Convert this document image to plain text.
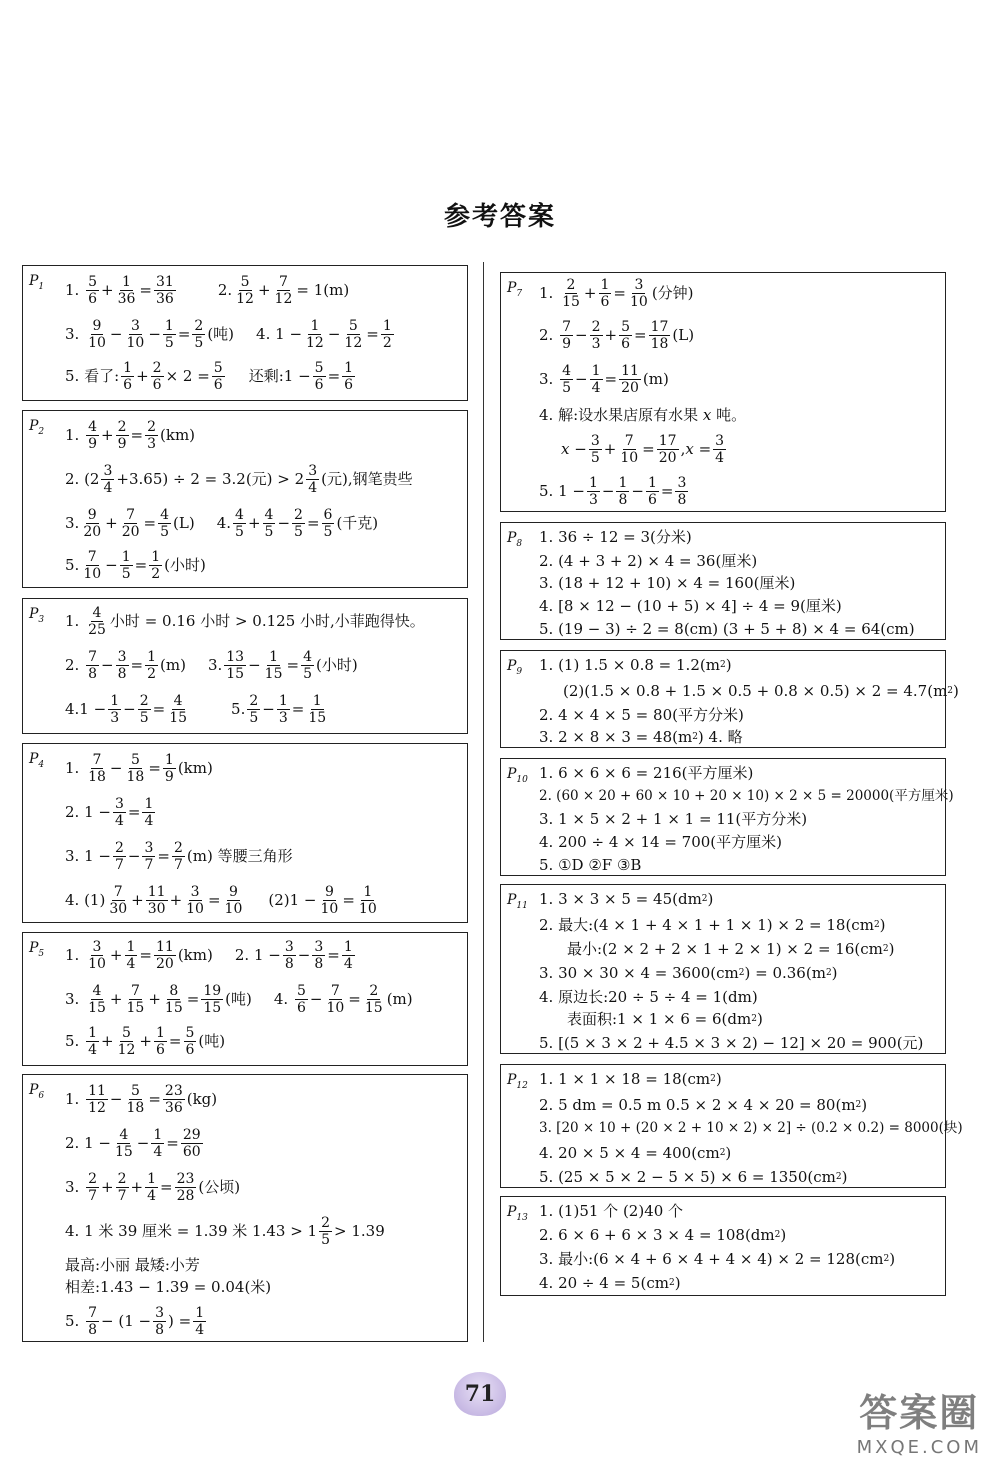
参考答案
$P_1$ 1.
5
$6 + \frac{1}{36} = \frac{31}{36}$	2. 5
$12 + \frac{7}{12} = 1(m)$
3.
9
$10 - \frac{3}{10} - \frac{1}{5} = \frac{2}{5}$ (吨) 4. $1 - \frac{1}{12} - \frac{5}{12} = \frac{1}{2}$
5. 看了: 1
$6 + \frac{2}{6} \times 2 = \frac{5}{6}$ 还剩:1 − $\frac{5}{6} = \frac{1}{6}$
$P_2$ 1.
4
$9 + \frac{2}{9} = \frac{2}{3} (km)$
2. (2 3
4 +3.65) ÷ 2 = 3.2(元) > 2 3
4 (元),钢笔贵些
3. 9
$20 + \frac{7}{20} = \frac{4}{5} (L)$ 4. 4
$5 + \frac{4}{5} - \frac{2}{5} = \frac{6}{5}$ (千克)
5. 7
$10 - \frac{1}{5} = \frac{1}{2}$ (小时)
$P_3$ 1.
4
25 小时 = 0.16 小时 > 0.125 小时,小菲跑得快。
2.
7
$8 - \frac{3}{8} = \frac{1}{2} (m)$ 3. 13
$15 - \frac{1}{15} = \frac{4}{5}$ (小时)
$4.1 - \frac{1}{3} - \frac{2}{5} = \frac{4}{15}$	5. 2
$5 - \frac{1}{3} = \frac{1}{15}$
$P_4$ 1.
7
$18 - \frac{5}{18} = \frac{1}{9} (km)$
2. $1 - \frac{3}{4} = \frac{1}{4}$
3. $1 - \frac{2}{7} - \frac{3}{7} = \frac{2}{7} (m)$ 等腰三角形
4. (1) 7
$30 + \frac{11}{30} + \frac{3}{10} = \frac{9}{10} (2)1 - \frac{9}{10} = \frac{1}{10}$
$P_5$ 1.
3
$10 + \frac{1}{4} = \frac{11}{20} (km)$ 2. $1 - \frac{3}{8} - \frac{3}{8} = \frac{1}{4}$
3.
4
$15 + \frac{7}{15} + \frac{8}{15} = \frac{19}{15}$ (吨) 4.
5
$6 - \frac{7}{10} = \frac{2}{15} (m)$
5.
1
$4 + \frac{5}{12} + \frac{1}{6} = \frac{5}{6}$ (吨)
$P_6$ 1.
11
$12 - \frac{5}{18} = \frac{23}{36} (kg)$
2. $1 - \frac{4}{15} - \frac{1}{4} = \frac{29}{60}$
3.
2
$7 + \frac{2}{7} + \frac{1}{4} = \frac{23}{28}$ (公顷)
4. 1 米 39 厘米 = 1.39 米 1.43 > 1 2
5 > 1.39
最高:小丽 最矮:小芳
相差:1.43 − 1.39 = 0.04(米)
5.
7
$8 - (1 - \frac{3}{8}$ ) = $\frac{1}{4}$
$P_7$ 1.
2
$15 + \frac{1}{6} = \frac{3}{10}$ (分钟)
2.
7
$9 - \frac{2}{3} + \frac{5}{6} = \frac{17}{18} (L)$
3.
4
$5 - \frac{1}{4} = \frac{11}{20} (m)$
4. 解:设水果店原有水果
x
吨。
x
− $\frac{3}{5} + \frac{7}{10} = \frac{17}{20}$ , x
= $\frac{3}{4}$
5. $1 - \frac{1}{3} - \frac{1}{8} - \frac{1}{6} = \frac{3}{8}$
$P_8$ 1. 36 ÷ 12 = 3(分米)
2. (4 + 3 + 2) × 4 = 36(厘米)
3. (18 + 12 + 10) × 4 = 160(厘米)
4. [8 × 12 − (10 + 5) × 4] ÷ 4 = 9(厘米)
5. (19 − 3) ÷ 2 = 8(cm) (3 + 5 + 8) × 4 = 64(cm)
$P_9$ 1. (1) 1.5 × 0.8 = 1.2(m 2 )
(2)(1.5 × 0.8 + 1.5 × 0.5 + 0.8 × 0.5) × 2 = 4.7(m 2 )
2. 4 × 4 × 5 = 80(平方分米)
3. 2 × 8 × 3 = 48(m 2 ) 4. 略
$P_{10}$ 1. 6 × 6 × 6 = 216(平方厘米)
2. (60 × 20 + 60 × 10 + 20 × 10) × 2 × 5 = 20000(平方厘米)
3. 1 × 5 × 2 + 1 × 1 = 11(平方分米)
4. 200 ÷ 4 × 14 = 700(平方厘米)
5. ①D ②F ③B
$P_{11}$ 1. 3 × 3 × 5 = 45(dm 2 )
2. 最大:(4 × 1 + 4 × 1 + 1 × 1) × 2 = 18(cm 2 )
最小:(2 × 2 + 2 × 1 + 2 × 1) × 2 = 16(cm 2 )
3. 30 × 30 × 4 = 3600(cm 2 ) = 0.36(m 2 )
4. 原边长:20 ÷ 5 ÷ 4 = 1(dm)
表面积:1 × 1 × 6 = 6(dm 2 )
5. [(5 × 3 × 2 + 4.5 × 3 × 2) − 12] × 20 = 900(元)
$P_{12}$ 1. 1 × 1 × 18 = 18(cm 2 )
2. 5 dm = 0.5 m 0.5 × 2 × 4 × 20 = 80(m 2 )
3. [20 × 10 + (20 × 2 + 10 × 2) × 2] ÷ (0.2 × 0.2) = 8000(块)
4. 20 × 5 × 4 = 400(cm 2 )
5. (25 × 5 × 2 − 5 × 5) × 6 = 1350(cm 2 )
$P_{13}$ 1. (1)51 个 (2)40 个
2. 6 × 6 + 6 × 3 × 4 = 108(dm 2 )
3. 最小:(6 × 4 + 6 × 4 + 4 × 4) × 2 = 128(cm 2 )
4. 20 ÷ 4 = 5(cm 2 )
71	答案圈
MXQE.COM
